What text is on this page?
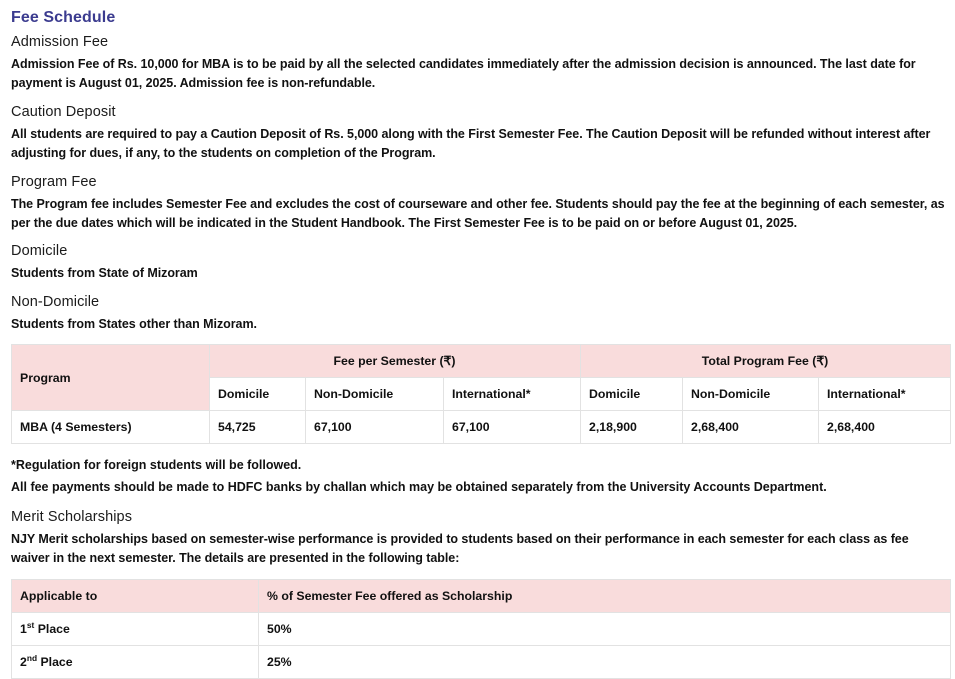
Fee Schedule
Admission Fee

Admission Fee of Rs. 10,000 for MBA is to be paid by all the selected candidates immediately after the admission decision is announced. The last date for payment is August 01, 2025. Admission fee is non-refundable.

Caution Deposit

All students are required to pay a Caution Deposit of Rs. 5,000 along with the First Semester Fee. The Caution Deposit will be refunded without interest after adjusting for dues, if any, to the students on completion of the Program.

Program Fee

The Program fee includes Semester Fee and excludes the cost of courseware and other fee. Students should pay the fee at the beginning of each semester, as per the due dates which will be indicated in the Student Handbook. The First Semester Fee is to be paid on or before August 01, 2025.

Domicile

Students from State of Mizoram

Non-Domicile

Students from States other than Mizoram.

Program	Fee per Semester (₹)			Total Program Fee (₹)		
	Domicile	Non-Domicile	International*	Domicile	Non-Domicile	International*
MBA (4 Semesters)	54,725	67,100	67,100	2,18,900	2,68,400	2,68,400

*Regulation for foreign students will be followed.

All fee payments should be made to HDFC banks by challan which may be obtained separately from the University Accounts Department.

Merit Scholarships

NJY Merit scholarships based on semester-wise performance is provided to students based on their performance in each semester for each class as fee waiver in the next semester. The details are presented in the following table:

Applicable to	% of Semester Fee offered as Scholarship
1st Place	50%
2nd Place	25%
